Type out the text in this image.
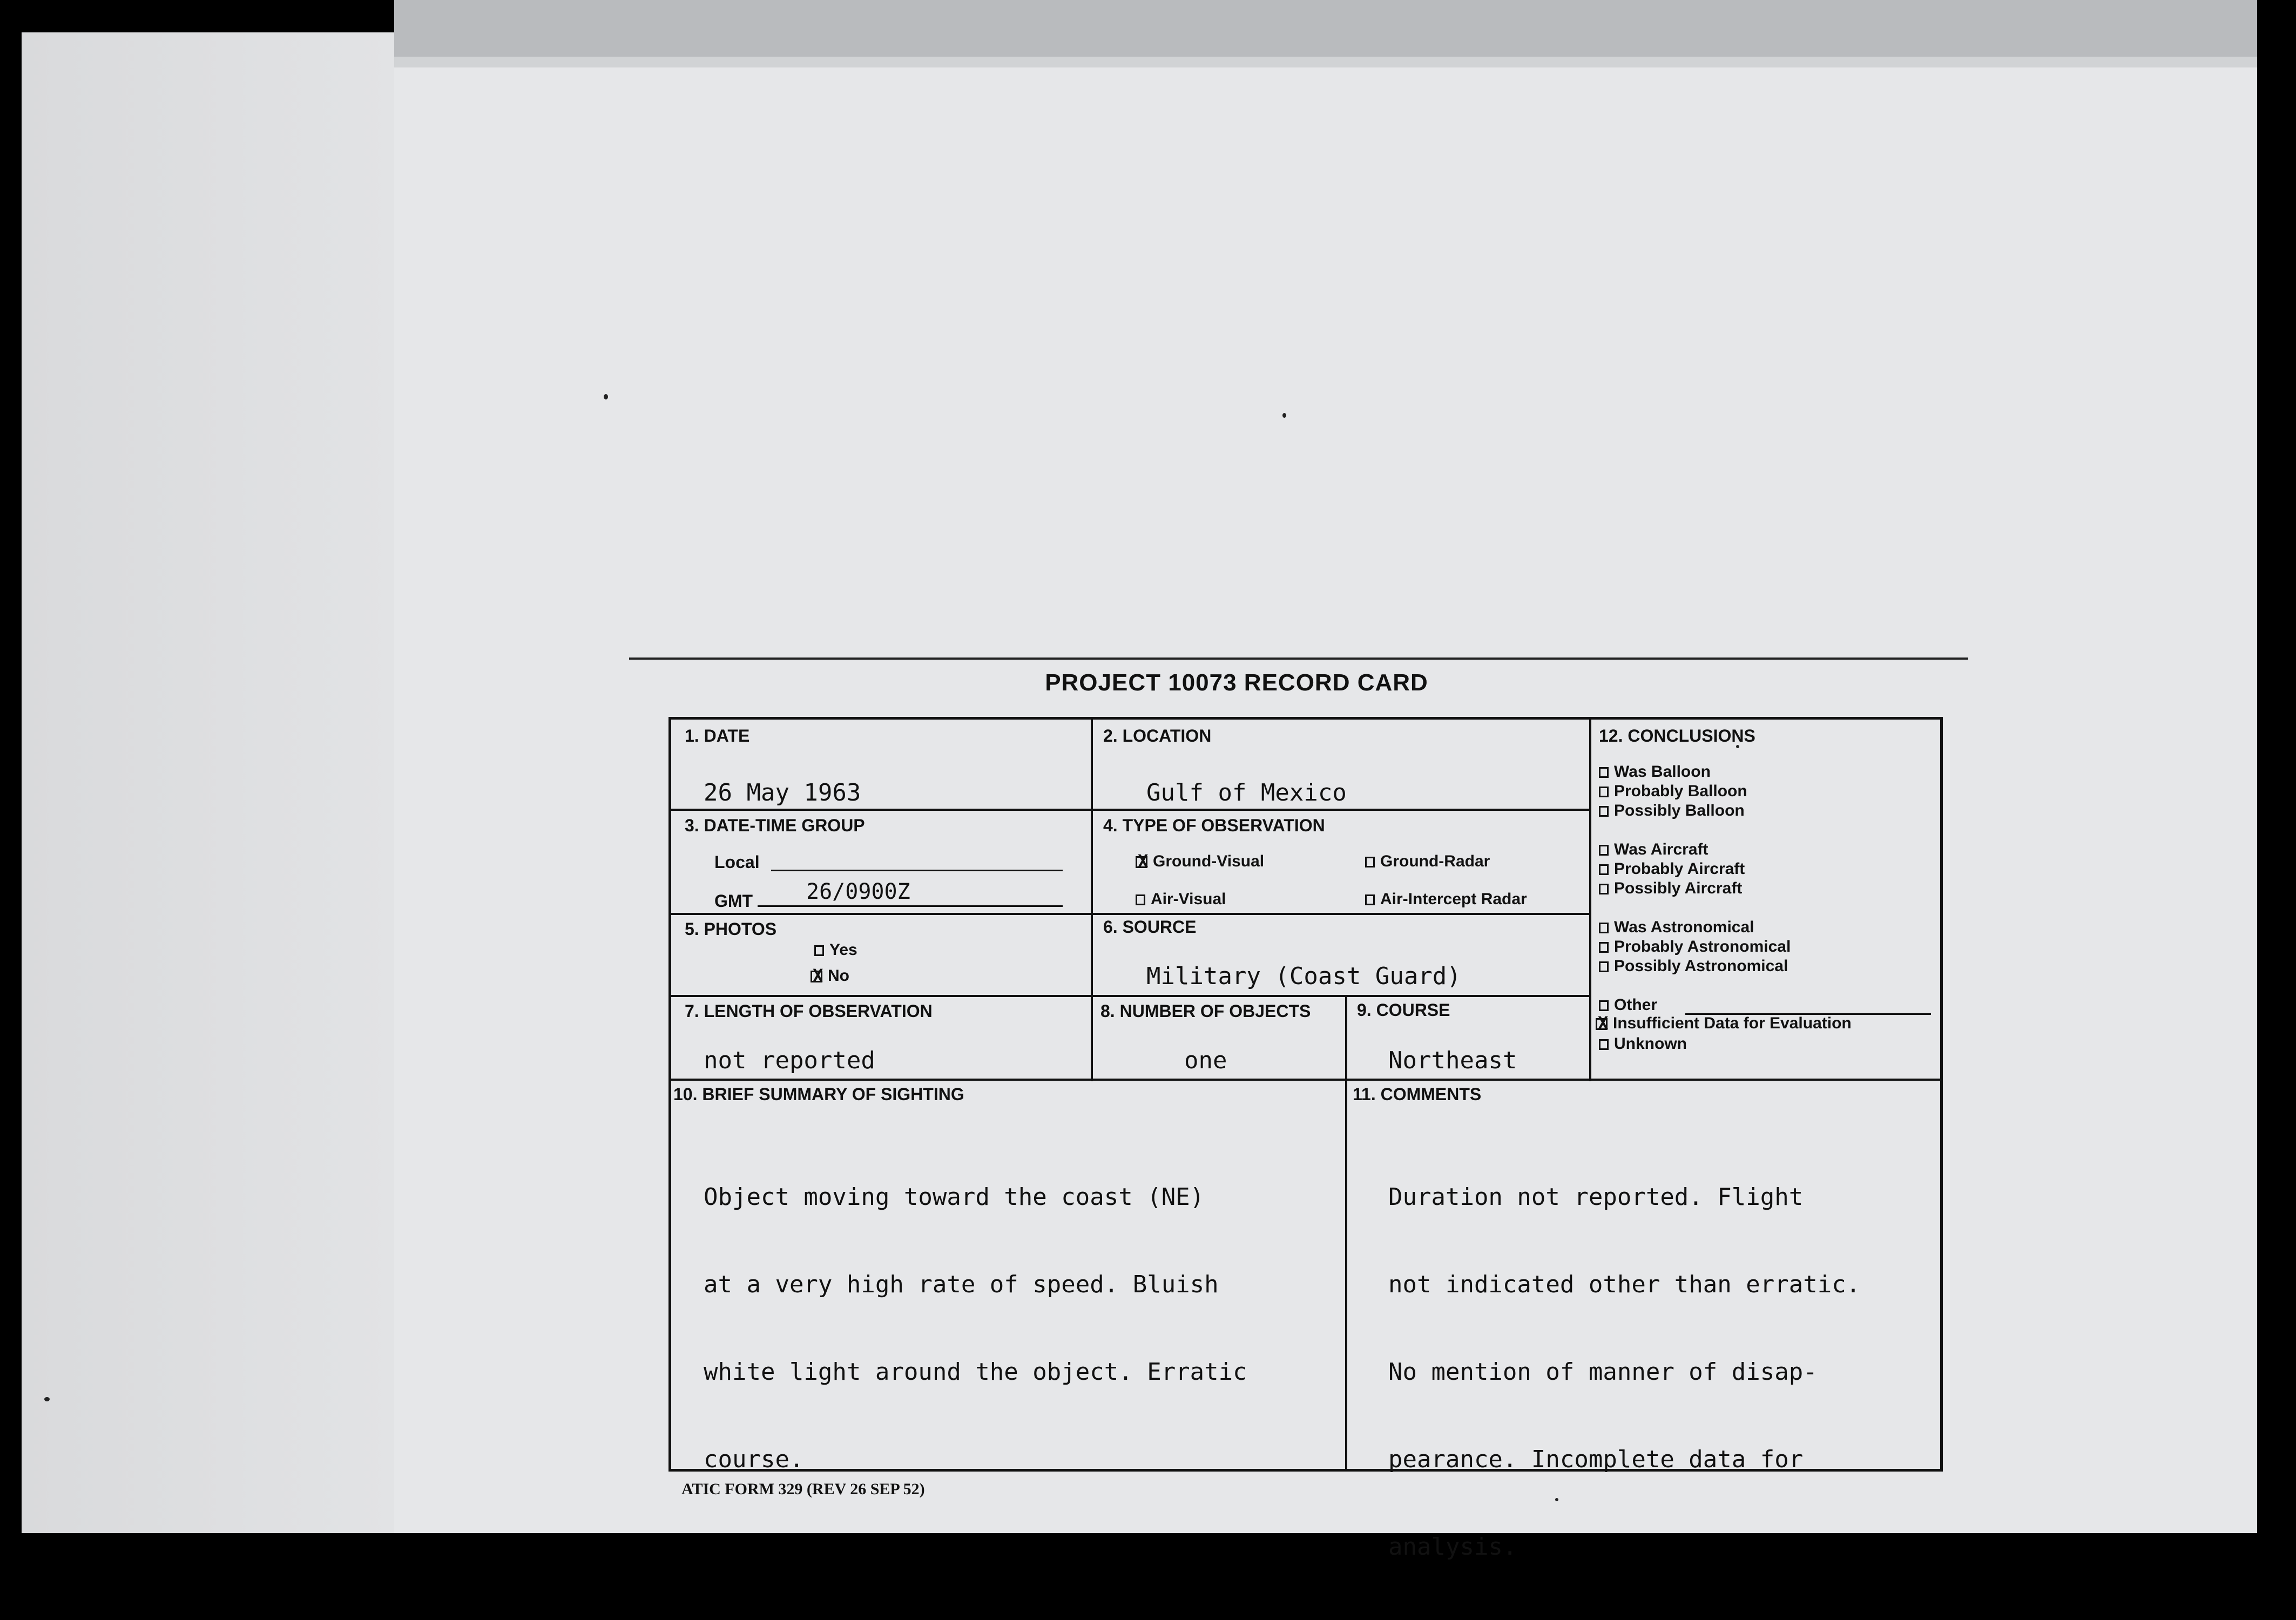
PROJECT 10073 RECORD CARD
1. DATE
26 May 1963
2. LOCATION
Gulf of Mexico
3. DATE-TIME GROUP
Local
GMT 26/0900Z
4. TYPE OF OBSERVATION
XGround-Visual	Ground-Radar
Air-Visual	Air-Intercept Radar
5. PHOTOS
Yes
XNo
6. SOURCE
Military (Coast Guard)
7. LENGTH OF OBSERVATION
not reported
8. NUMBER OF OBJECTS
one
9. COURSE
Northeast
10. BRIEF SUMMARY OF SIGHTING

Object moving toward the coast (NE)

at a very high rate of speed. Bluish

white light around the object. Erratic

course.

11. COMMENTS

Duration not reported. Flight

not indicated other than erratic.

No mention of manner of disap-

pearance. Incomplete data for

analysis.

12. CONCLUSIONS
Was Balloon
Probably Balloon
Possibly Balloon
Was Aircraft
Probably Aircraft
Possibly Aircraft
Was Astronomical
Probably Astronomical
Possibly Astronomical
Other
XInsufficient Data for Evaluation
Unknown
ATIC FORM 329 (REV 26 SEP 52)
